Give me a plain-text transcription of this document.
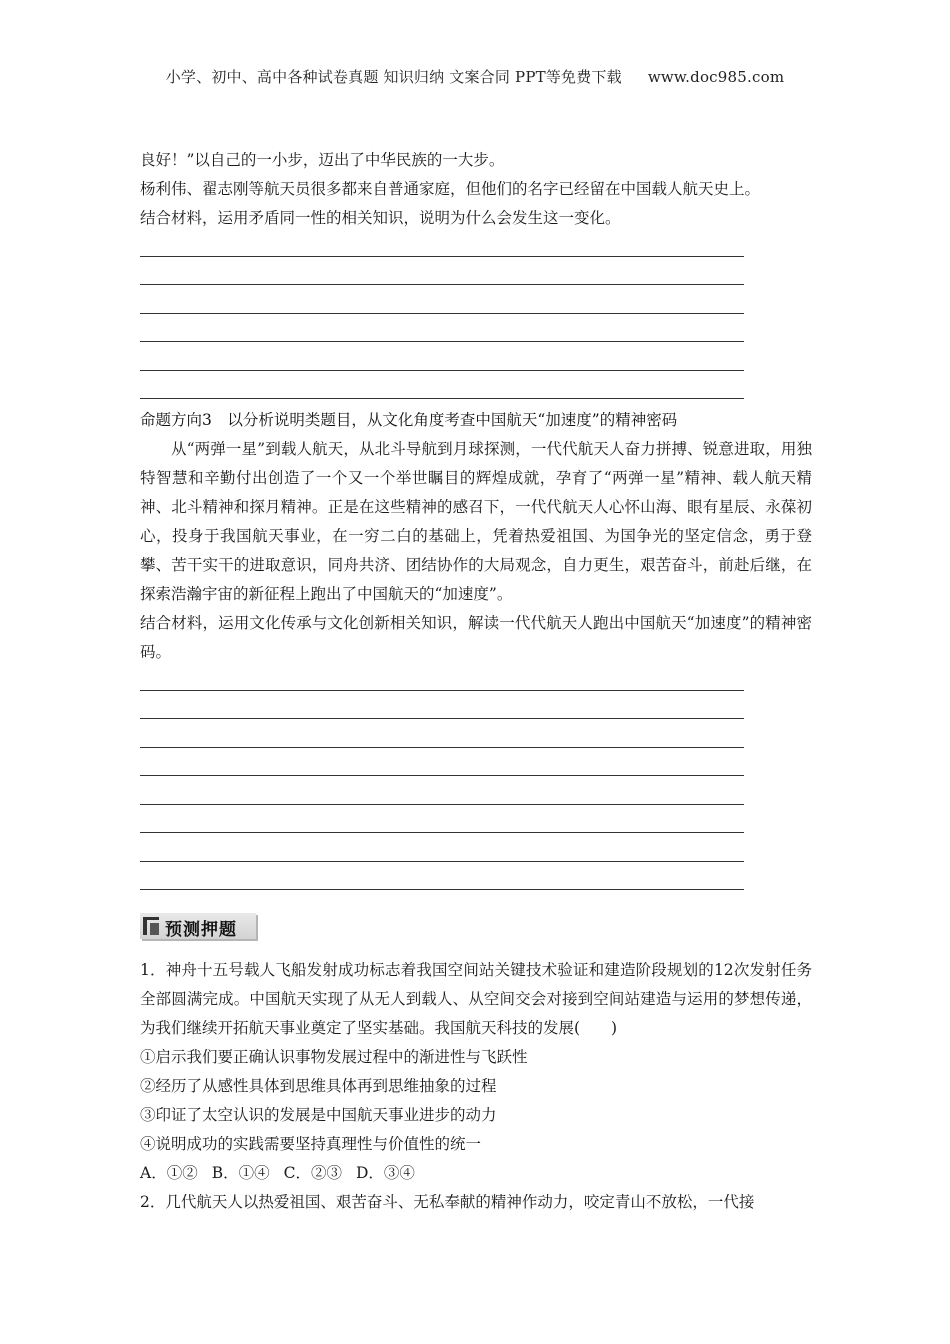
小学、初中、高中各种试卷真题 知识归纳 文案合同 PPT等免费下载 www.doc985.com

良好！”以自己的一小步，迈出了中华民族的一大步。

杨利伟、翟志刚等航天员很多都来自普通家庭，但他们的名字已经留在中国载人航天史上。

结合材料，运用矛盾同一性的相关知识，说明为什么会发生这一变化。

命题方向3　以分析说明类题目，从文化角度考查中国航天“加速度”的精神密码

从“两弹一星”到载人航天，从北斗导航到月球探测，一代代航天人奋力拼搏、锐意进取，用独特智慧和辛勤付出创造了一个又一个举世瞩目的辉煌成就，孕育了“两弹一星”精神、载人航天精神、北斗精神和探月精神。正是在这些精神的感召下，一代代航天人心怀山海、眼有星辰、永葆初心，投身于我国航天事业，在一穷二白的基础上，凭着热爱祖国、为国争光的坚定信念，勇于登攀、苦干实干的进取意识，同舟共济、团结协作的大局观念，自力更生，艰苦奋斗，前赴后继，在探索浩瀚宇宙的新征程上跑出了中国航天的“加速度”。

结合材料，运用文化传承与文化创新相关知识，解读一代代航天人跑出中国航天“加速度”的精神密码。

预测押题

1．神舟十五号载人飞船发射成功标志着我国空间站关键技术验证和建造阶段规划的12次发射任务全部圆满完成。中国航天实现了从无人到载人、从空间交会对接到空间站建造与运用的梦想传递，为我们继续开拓航天事业奠定了坚实基础。我国航天科技的发展(　　)

①启示我们要正确认识事物发展过程中的渐进性与飞跃性

②经历了从感性具体到思维具体再到思维抽象的过程

③印证了太空认识的发展是中国航天事业进步的动力

④说明成功的实践需要坚持真理性与价值性的统一

A．①② B．①④ C．②③ D．③④

2．几代航天人以热爱祖国、艰苦奋斗、无私奉献的精神作动力，咬定青山不放松，一代接
